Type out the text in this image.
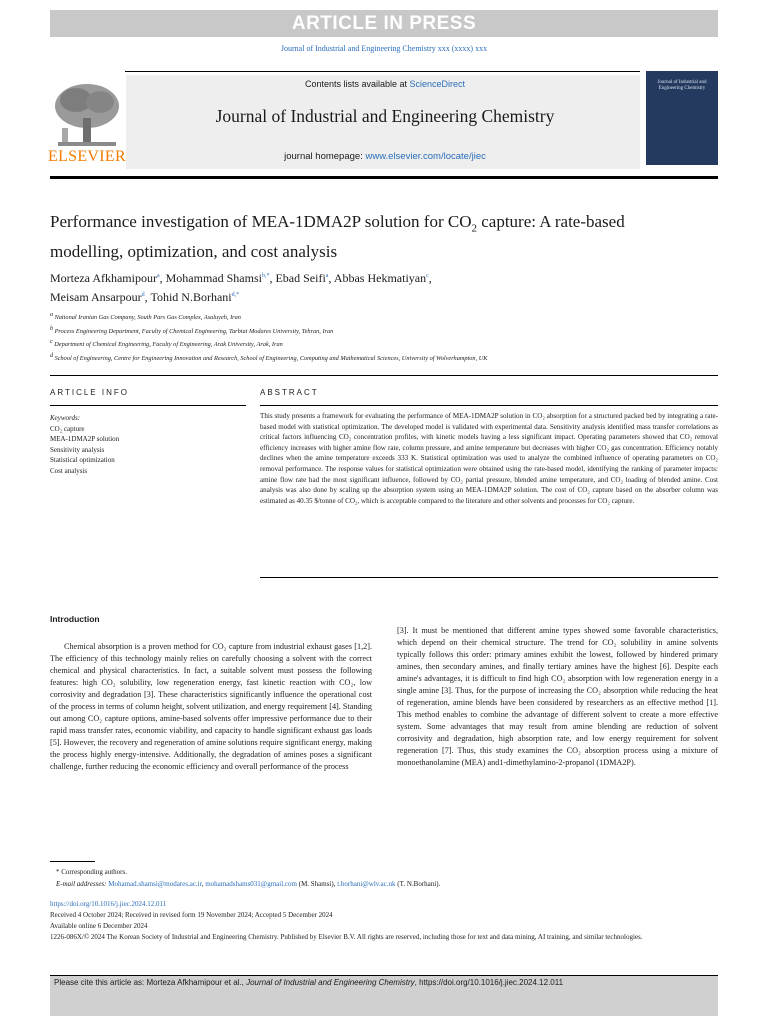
ARTICLE IN PRESS
Journal of Industrial and Engineering Chemistry xxx (xxxx) xxx
ELSEVIER
Contents lists available at ScienceDirect
Journal of Industrial and Engineering Chemistry
journal homepage: www.elsevier.com/locate/jiec
Journal of Industrial and Engineering Chemistry
Performance investigation of MEA-1DMA2P solution for $CO_2$ capture: A rate-based modelling, optimization, and cost analysis
Morteza Afkhamipour$^a$, Mohammad Shamsi$^{b,*}$, Ebad Seifi$^a$, Abbas Hekmatiyan$^c$,
Meisam Ansarpour$^d$, Tohid N.Borhani$^{d,*}$
$^a$ National Iranian Gas Company, South Pars Gas Complex, Asaluyeh, Iran
$^b$ Process Engineering Department, Faculty of Chemical Engineering, Tarbiat Modares University, Tehran, Iran
$^c$ Department of Chemical Engineering, Faculty of Engineering, Arak University, Arak, Iran
$^d$ School of Engineering, Centre for Engineering Innovation and Research, School of Engineering, Computing and Mathematical Sciences, University of Wolverhampton, UK
ARTICLE INFO	ABSTRACT
Keywords:
CO₂ capture
MEA-1DMA2P solution
Sensitivity analysis
Statistical optimization
Cost analysis
This study presents a framework for evaluating the performance of MEA-1DMA2P solution in CO₂ absorption for a structured packed bed by integrating a rate-based model with statistical optimization. The developed model is validated with experimental data. Sensitivity analysis identified mass transfer correlations as critical factors influencing CO₂ concentration profiles, with kinetic models having a less significant impact. Operating parameters showed that CO₂ removal efficiency increases with higher amine flow rate, column pressure, and amine temperature but decreases with higher CO₂ gas concentration. Efficiency notably declines when the amine temperature exceeds 333 K. Statistical optimization was used to analyze the combined influence of operating parameters on CO₂ removal performance. The response values for statistical optimization were obtained using the rate-based model, identifying the ranking of parameter impacts: amine flow rate had the most significant influence, followed by CO₂ partial pressure, blended amine temperature, and CO₂ loading of blended amine. Cost analysis was also done by scaling up the absorption system using an MEA-1DMA2P solution. The cost of CO₂ capture based on the absorber column was estimated as 40.35 $/tonne of CO₂, which is acceptable compared to the literature and other solvents and processes for CO₂ capture.
Introduction

Chemical absorption is a proven method for CO₂ capture from industrial exhaust gases [1,2]. The efficiency of this technology mainly relies on carefully choosing a solvent with the correct chemical and physical characteristics. In fact, a suitable solvent must possess the following features: high CO₂ solubility, low regeneration energy, fast kinetic reaction with CO₂, low corrosivity and degradation [3]. These characteristics significantly influence the operational cost of the process in terms of column height, solvent utilization, and energy requirement [4]. Standing out among CO₂ capture options, amine-based solvents offer impressive performance due to their rapid mass transfer rates, economic viability, and capacity to handle significant exhaust gas loads [5]. However, the recovery and regeneration of amine solutions require significant energy, making the process highly energy-intensive. Additionally, the degradation of amines poses a significant challenge, further reducing the economic efficiency and overall performance of the process

[3]. It must be mentioned that different amine types showed some favorable characteristics, which depend on their chemical structure. The trend for CO₂ solubility in amine solvents typically follows this order: primary amines exhibit the lowest, followed by hindered primary amines, then secondary amines, and finally tertiary amines have the highest [6]. Despite each amine's advantages, it is difficult to find high CO₂ absorption with low regeneration energy in a single amine [3]. Thus, for the purpose of increasing the CO₂ absorption while reducing the heat of regeneration, amine blends have been considered by researchers as an effective method [1]. This method enables to combine the advantage of different solvent to create a more effective system. Some advantages that may result from amine blending are reduction of solvent corrosivity and degradation, high absorption rate, and low energy requirement for solvent regeneration [7]. Thus, this study examines the CO₂ absorption process using a mixture of monoethanolamine (MEA) and1-dimethylamino-2-propanol (1DMA2P).

* Corresponding authors.
E-mail addresses: Mohamad.shamsi@modares.ac.ir, mohamadshams031@gmail.com (M. Shamsi), t.borhani@wlv.ac.uk (T. N.Borhani).
https://doi.org/10.1016/j.jiec.2024.12.011
Received 4 October 2024; Received in revised form 19 November 2024; Accepted 5 December 2024
Available online 6 December 2024
1226-086X/© 2024 The Korean Society of Industrial and Engineering Chemistry. Published by Elsevier B.V. All rights are reserved, including those for text and data mining, AI training, and similar technologies.
Please cite this article as: Morteza Afkhamipour et al., Journal of Industrial and Engineering Chemistry, https://doi.org/10.1016/j.jiec.2024.12.011
